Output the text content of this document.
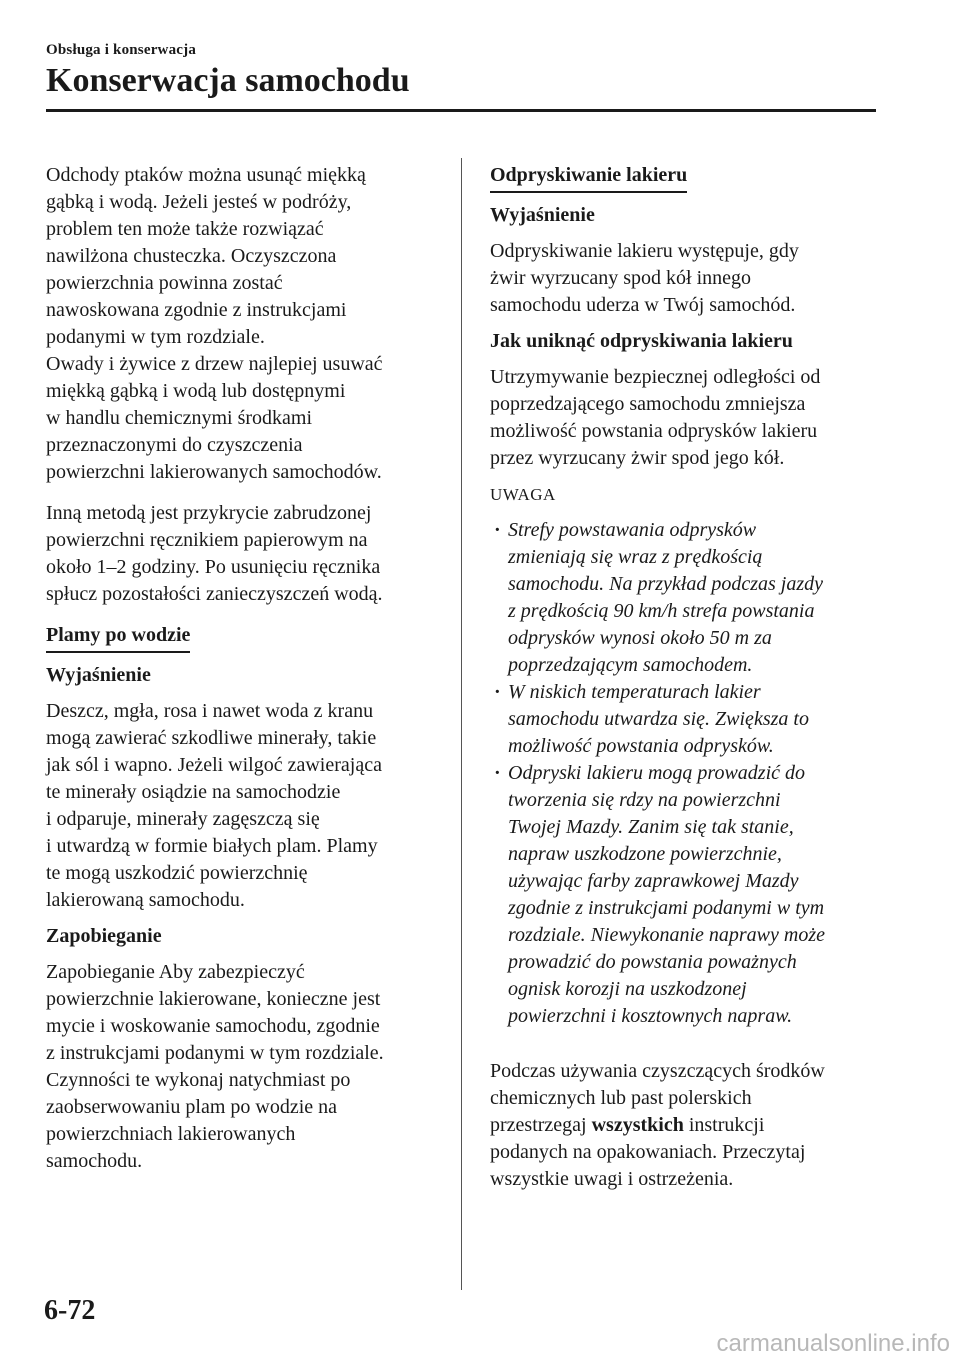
Obsługa i konserwacja
Konserwacja samochodu

Odchody ptaków można usunąć miękką
gąbką i wodą. Jeżeli jesteś w podróży,
problem ten może także rozwiązać
nawilżona chusteczka. Oczyszczona
powierzchnia powinna zostać
nawoskowana zgodnie z instrukcjami
podanymi w tym rozdziale.

Owady i żywice z drzew najlepiej usuwać
miękką gąbką i wodą lub dostępnymi
w handlu chemicznymi środkami
przeznaczonymi do czyszczenia
powierzchni lakierowanych samochodów.

Inną metodą jest przykrycie zabrudzonej
powierzchni ręcznikiem papierowym na
około 1–2 godziny. Po usunięciu ręcznika
spłucz pozostałości zanieczyszczeń wodą.

Plamy po wodzie

Wyjaśnienie

Deszcz, mgła, rosa i nawet woda z kranu
mogą zawierać szkodliwe minerały, takie
jak sól i wapno. Jeżeli wilgoć zawierająca
te minerały osiądzie na samochodzie
i odparuje, minerały zagęszczą się
i utwardzą w formie białych plam. Plamy
te mogą uszkodzić powierzchnię
lakierowaną samochodu.

Zapobieganie

Zapobieganie Aby zabezpieczyć
powierzchnie lakierowane, konieczne jest
mycie i woskowanie samochodu, zgodnie
z instrukcjami podanymi w tym rozdziale.
Czynności te wykonaj natychmiast po
zaobserwowaniu plam po wodzie na
powierzchniach lakierowanych
samochodu.

Odpryskiwanie lakieru

Wyjaśnienie

Odpryskiwanie lakieru występuje, gdy
żwir wyrzucany spod kół innego
samochodu uderza w Twój samochód.

Jak uniknąć odpryskiwania lakieru

Utrzymywanie bezpiecznej odległości od
poprzedzającego samochodu zmniejsza
możliwość powstania odprysków lakieru
przez wyrzucany żwir spod jego kół.

UWAGA

· Strefy powstawania odprysków
zmieniają się wraz z prędkością
samochodu. Na przykład podczas jazdy
z prędkością 90 km/h strefa powstania
odprysków wynosi około 50 m za
poprzedzającym samochodem.
· W niskich temperaturach lakier
samochodu utwardza się. Zwiększa to
możliwość powstania odprysków.
· Odpryski lakieru mogą prowadzić do
tworzenia się rdzy na powierzchni
Twojej Mazdy. Zanim się tak stanie,
napraw uszkodzone powierzchnie,
używając farby zaprawkowej Mazdy
zgodnie z instrukcjami podanymi w tym
rozdziale. Niewykonanie naprawy może
prowadzić do powstania poważnych
ognisk korozji na uszkodzonej
powierzchni i kosztownych napraw.

Podczas używania czyszczących środków
chemicznych lub past polerskich
przestrzegaj wszystkich instrukcji
podanych na opakowaniach. Przeczytaj
wszystkie uwagi i ostrzeżenia.

6-72
carmanualsonline.info
